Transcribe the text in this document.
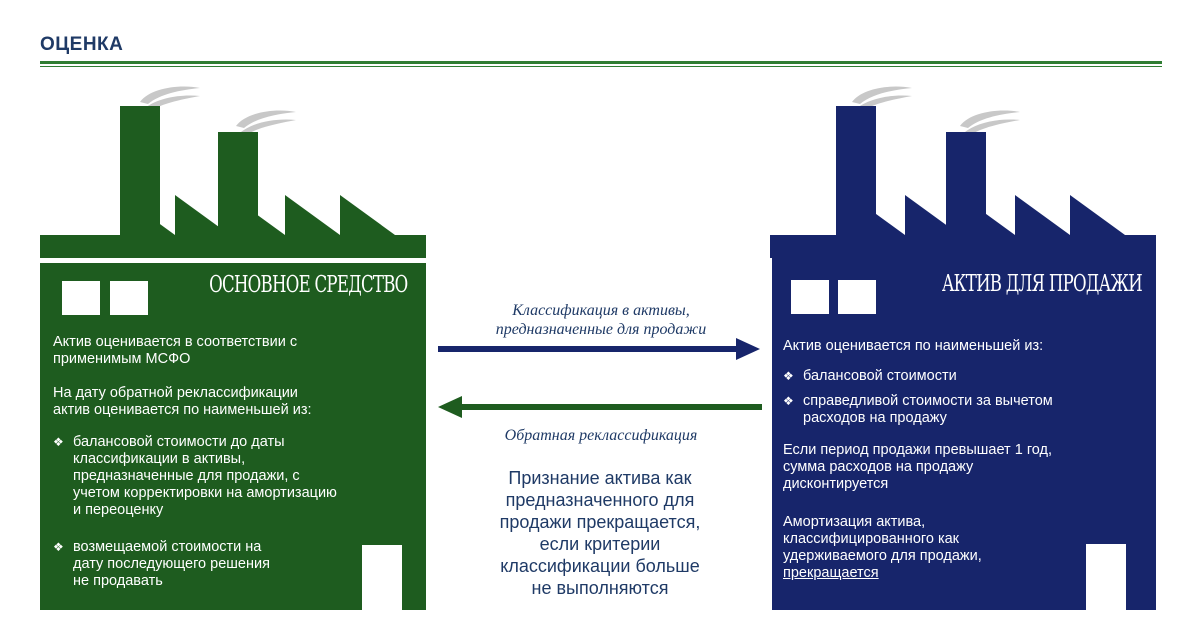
ОЦЕНКА
ОСНОВНОЕ СРЕДСТВО
Актив оценивается в соответствии с
применимым МСФО
На дату обратной реклассификации
актив оценивается по наименьшей из:
❖ балансовой стоимости до даты
классификации в активы,
предназначенные для продажи, с
учетом корректировки на амортизацию
и переоценку
❖ возмещаемой стоимости на
дату последующего решения
не продавать
АКТИВ ДЛЯ ПРОДАЖИ
Актив оценивается по наименьшей из:
❖ балансовой стоимости
❖ справедливой стоимости за вычетом
расходов на продажу
Если период продажи превышает 1 год,
сумма расходов на продажу
дисконтируется
Амортизация актива,
классифицированного как
удерживаемого для продажи,
прекращается
Классификация в активы,
предназначенные для продажи
Обратная реклассификация
Признание актива как
предназначенного для
продажи прекращается,
если критерии
классификации больше
не выполняются
